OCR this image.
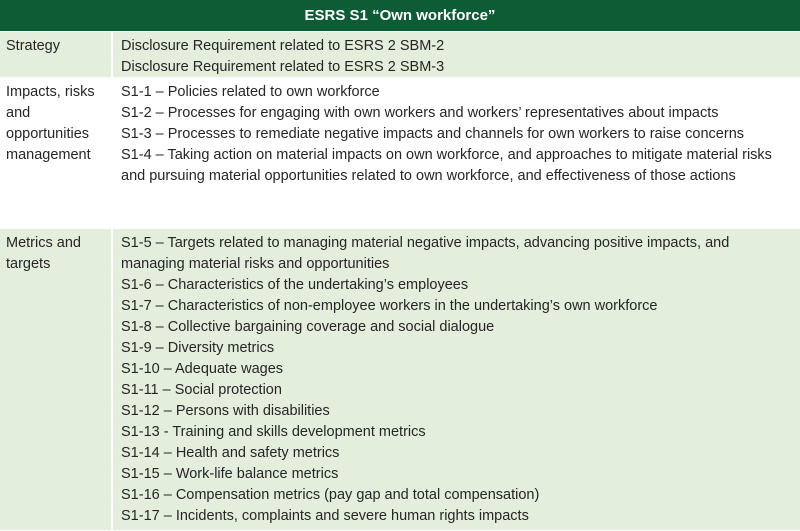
ESRS S1 “Own workforce”
Strategy	Disclosure Requirement related to ESRS 2 SBM-2
Disclosure Requirement related to ESRS 2 SBM-3
Impacts, risks and opportunities management
S1-1 – Policies related to own workforce
S1-2 – Processes for engaging with own workers and workers’ representatives about impacts
S1-3 – Processes to remediate negative impacts and channels for own workers to raise concerns
S1-4 – Taking action on material impacts on own workforce, and approaches to mitigate material risks and pursuing material opportunities related to own workforce, and effectiveness of those actions
Metrics and targets
S1-5 – Targets related to managing material negative impacts, advancing positive impacts, and managing material risks and opportunities
S1-6 – Characteristics of the undertaking’s employees
S1-7 – Characteristics of non-employee workers in the undertaking’s own workforce
S1-8 – Collective bargaining coverage and social dialogue
S1-9 – Diversity metrics
S1-10 – Adequate wages
S1-11 – Social protection
S1-12 – Persons with disabilities
S1-13 - Training and skills development metrics
S1-14 – Health and safety metrics
S1-15 – Work-life balance metrics
S1-16 – Compensation metrics (pay gap and total compensation)
S1-17 – Incidents, complaints and severe human rights impacts
